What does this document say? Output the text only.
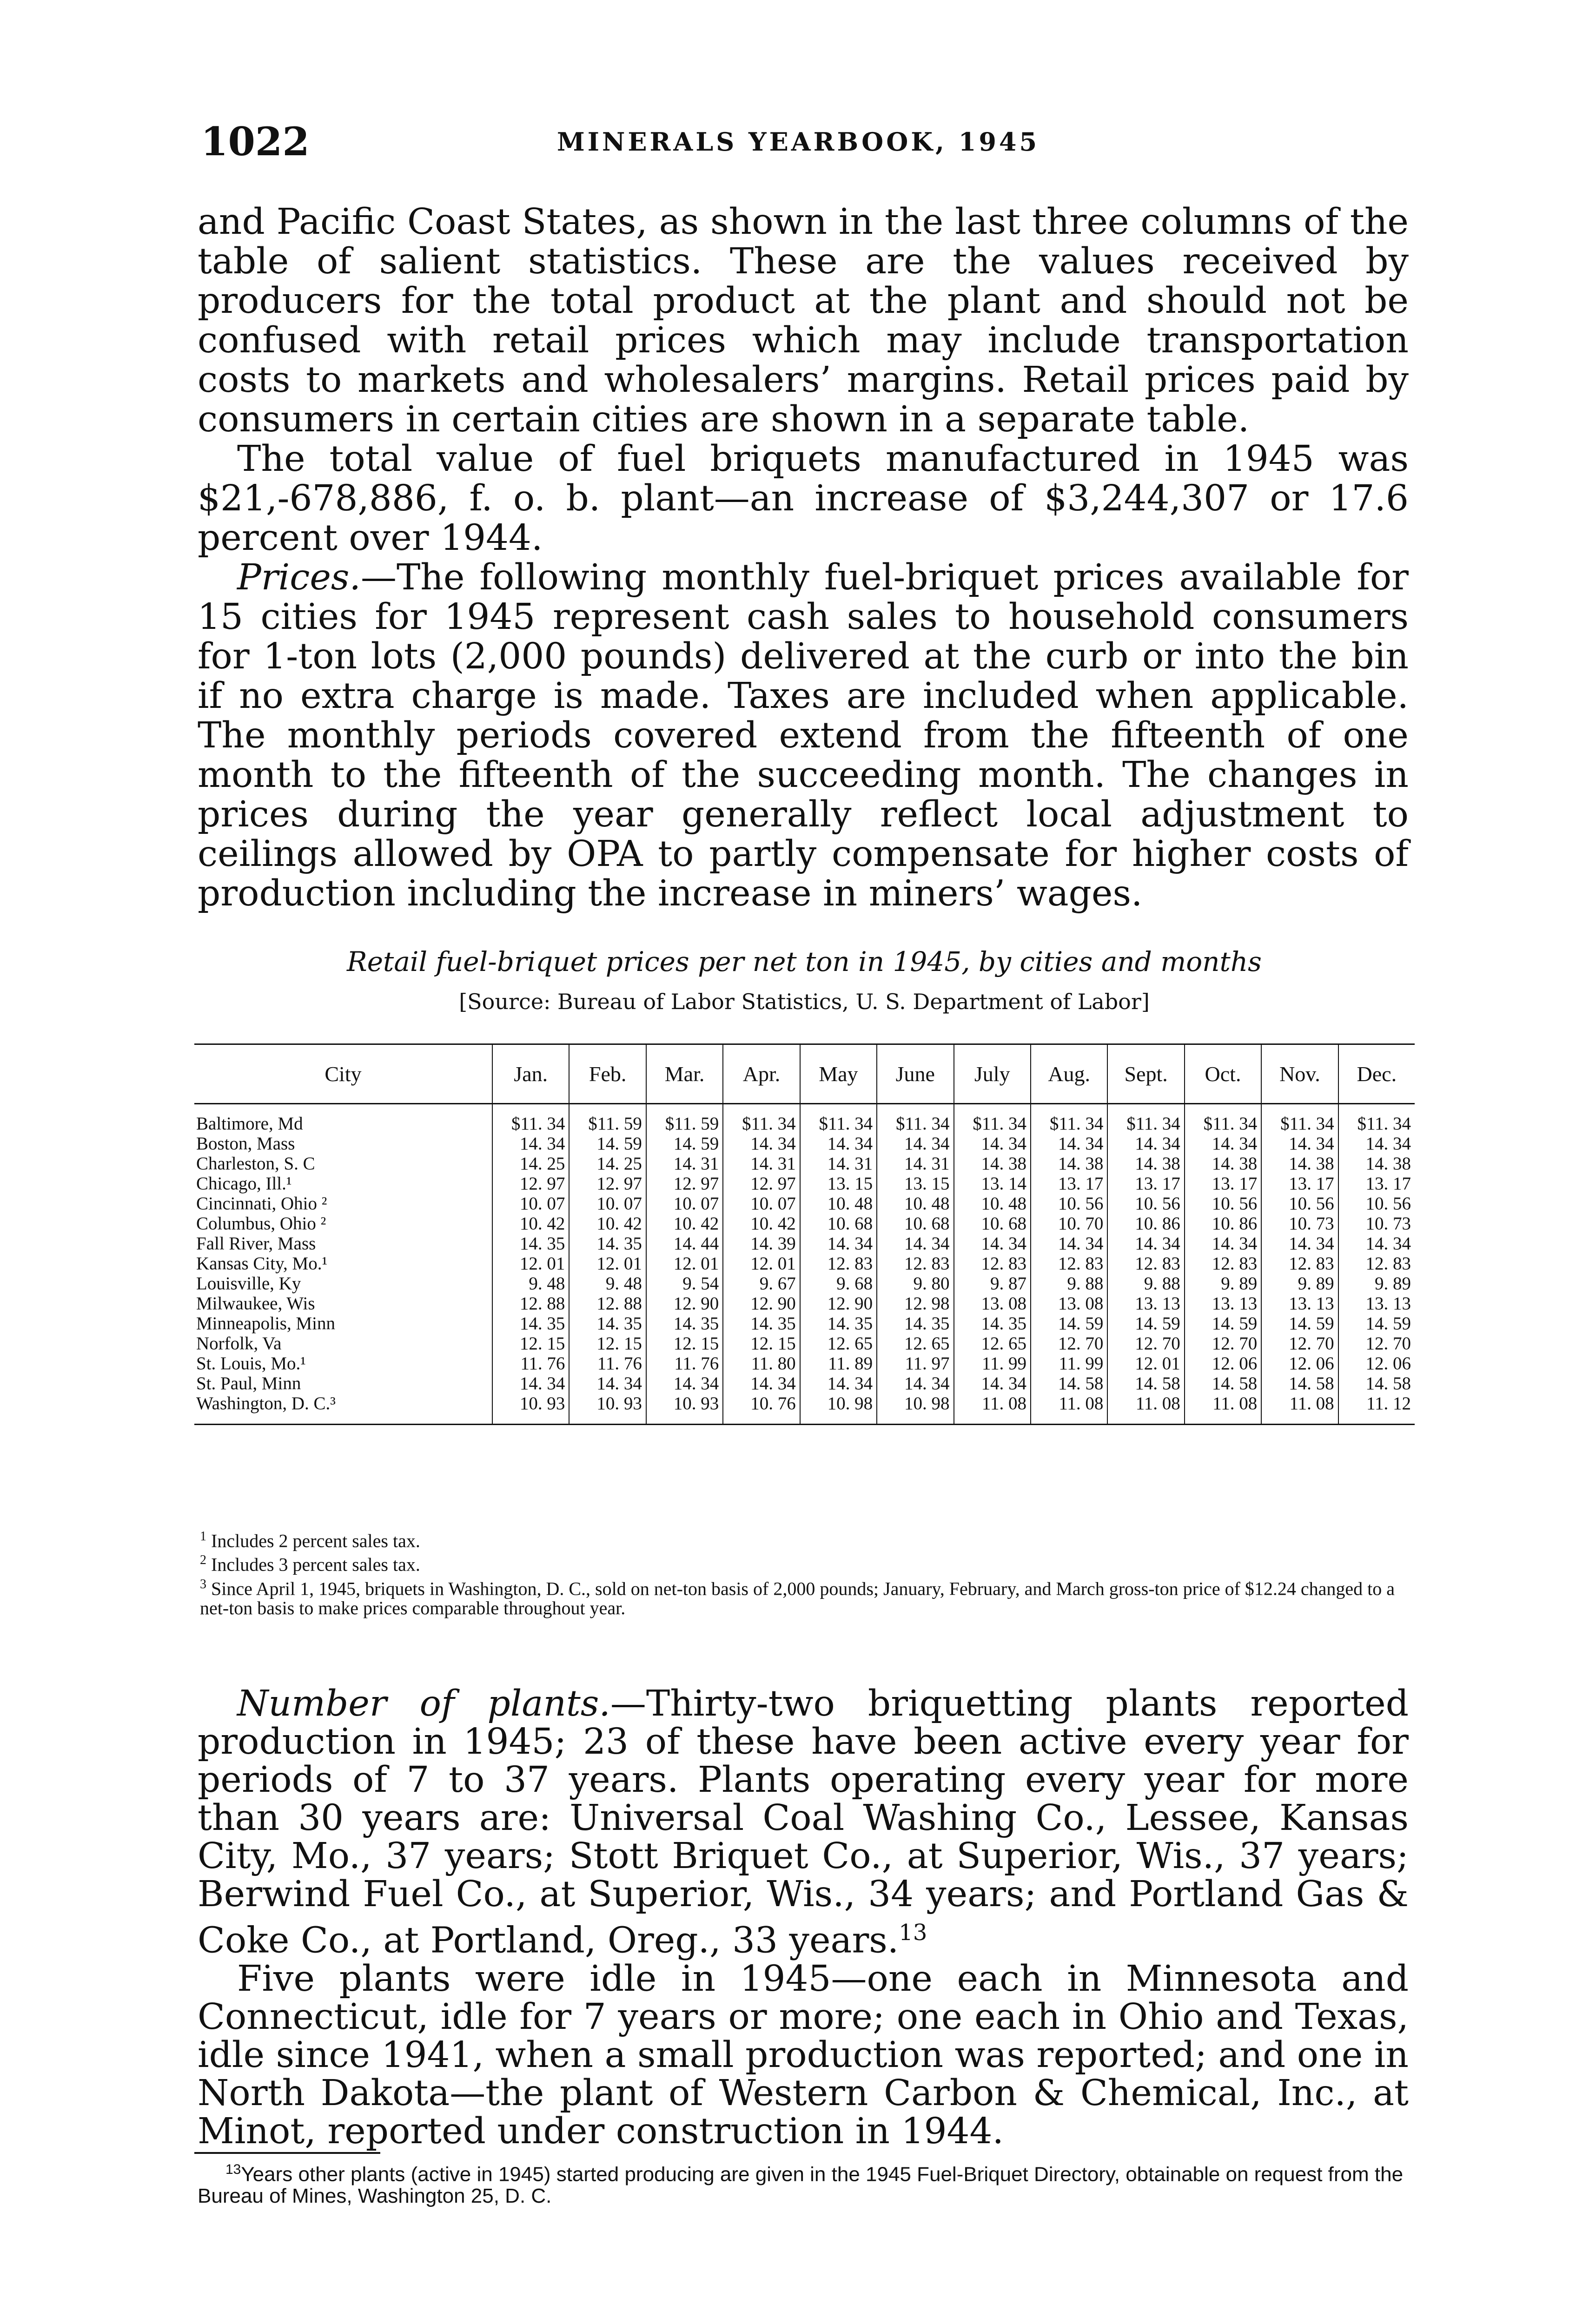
1022	MINERALS YEARBOOK, 1945

and Pacific Coast States, as shown in the last three columns of the table of salient statistics. These are the values received by producers for the total product at the plant and should not be confused with retail prices which may include transportation costs to markets and wholesalers’ margins. Retail prices paid by consumers in certain cities are shown in a separate table.

The total value of fuel briquets manufactured in 1945 was $21,-678,886, f. o. b. plant—an increase of $3,244,307 or 17.6 percent over 1944.

Prices.—The following monthly fuel-briquet prices available for 15 cities for 1945 represent cash sales to household consumers for 1-ton lots (2,000 pounds) delivered at the curb or into the bin if no extra charge is made. Taxes are included when applicable. The monthly periods covered extend from the fifteenth of one month to the fifteenth of the succeeding month. The changes in prices during the year generally reflect local adjustment to ceilings allowed by OPA to partly compensate for higher costs of production including the increase in miners’ wages.

Retail fuel-briquet prices per net ton in 1945, by cities and months
[Source: Bureau of Labor Statistics, U. S. Department of Labor]
City	Jan.	Feb.	Mar.	Apr.	May	June	July	Aug.	Sept.	Oct.	Nov.	Dec.
Baltimore, Md	$11. 34	$11. 59	$11. 59	$11. 34	$11. 34	$11. 34	$11. 34	$11. 34	$11. 34	$11. 34	$11. 34	$11. 34
Boston, Mass	14. 34	14. 59	14. 59	14. 34	14. 34	14. 34	14. 34	14. 34	14. 34	14. 34	14. 34	14. 34
Charleston, S. C	14. 25	14. 25	14. 31	14. 31	14. 31	14. 31	14. 38	14. 38	14. 38	14. 38	14. 38	14. 38
Chicago, Ill.¹	12. 97	12. 97	12. 97	12. 97	13. 15	13. 15	13. 14	13. 17	13. 17	13. 17	13. 17	13. 17
Cincinnati, Ohio ²	10. 07	10. 07	10. 07	10. 07	10. 48	10. 48	10. 48	10. 56	10. 56	10. 56	10. 56	10. 56
Columbus, Ohio ²	10. 42	10. 42	10. 42	10. 42	10. 68	10. 68	10. 68	10. 70	10. 86	10. 86	10. 73	10. 73
Fall River, Mass	14. 35	14. 35	14. 44	14. 39	14. 34	14. 34	14. 34	14. 34	14. 34	14. 34	14. 34	14. 34
Kansas City, Mo.¹	12. 01	12. 01	12. 01	12. 01	12. 83	12. 83	12. 83	12. 83	12. 83	12. 83	12. 83	12. 83
Louisville, Ky	9. 48	9. 48	9. 54	9. 67	9. 68	9. 80	9. 87	9. 88	9. 88	9. 89	9. 89	9. 89
Milwaukee, Wis	12. 88	12. 88	12. 90	12. 90	12. 90	12. 98	13. 08	13. 08	13. 13	13. 13	13. 13	13. 13
Minneapolis, Minn	14. 35	14. 35	14. 35	14. 35	14. 35	14. 35	14. 35	14. 59	14. 59	14. 59	14. 59	14. 59
Norfolk, Va	12. 15	12. 15	12. 15	12. 15	12. 65	12. 65	12. 65	12. 70	12. 70	12. 70	12. 70	12. 70
St. Louis, Mo.¹	11. 76	11. 76	11. 76	11. 80	11. 89	11. 97	11. 99	11. 99	12. 01	12. 06	12. 06	12. 06
St. Paul, Minn	14. 34	14. 34	14. 34	14. 34	14. 34	14. 34	14. 34	14. 58	14. 58	14. 58	14. 58	14. 58
Washington, D. C.³	10. 93	10. 93	10. 93	10. 76	10. 98	10. 98	11. 08	11. 08	11. 08	11. 08	11. 08	11. 12

$^1$ Includes 2 percent sales tax.

$^2$ Includes 3 percent sales tax.

$^3$ Since April 1, 1945, briquets in Washington, D. C., sold on net-ton basis of 2,000 pounds; January, February, and March gross-ton price of $12.24 changed to a net-ton basis to make prices comparable throughout year.

Number of plants.—Thirty-two briquetting plants reported production in 1945; 23 of these have been active every year for periods of 7 to 37 years. Plants operating every year for more than 30 years are: Universal Coal Washing Co., Lessee, Kansas City, Mo., 37 years; Stott Briquet Co., at Superior, Wis., 37 years; Berwind Fuel Co., at Superior, Wis., 34 years; and Portland Gas & Coke Co., at Portland, Oreg., 33 years.$^{13}$

Five plants were idle in 1945—one each in Minnesota and Connecticut, idle for 7 years or more; one each in Ohio and Texas, idle since 1941, when a small production was reported; and one in North Dakota—the plant of Western Carbon & Chemical, Inc., at Minot, reported under construction in 1944.

$^{13}$Years other plants (active in 1945) started producing are given in the 1945 Fuel-Briquet Directory, obtainable on request from the Bureau of Mines, Washington 25, D. C.
